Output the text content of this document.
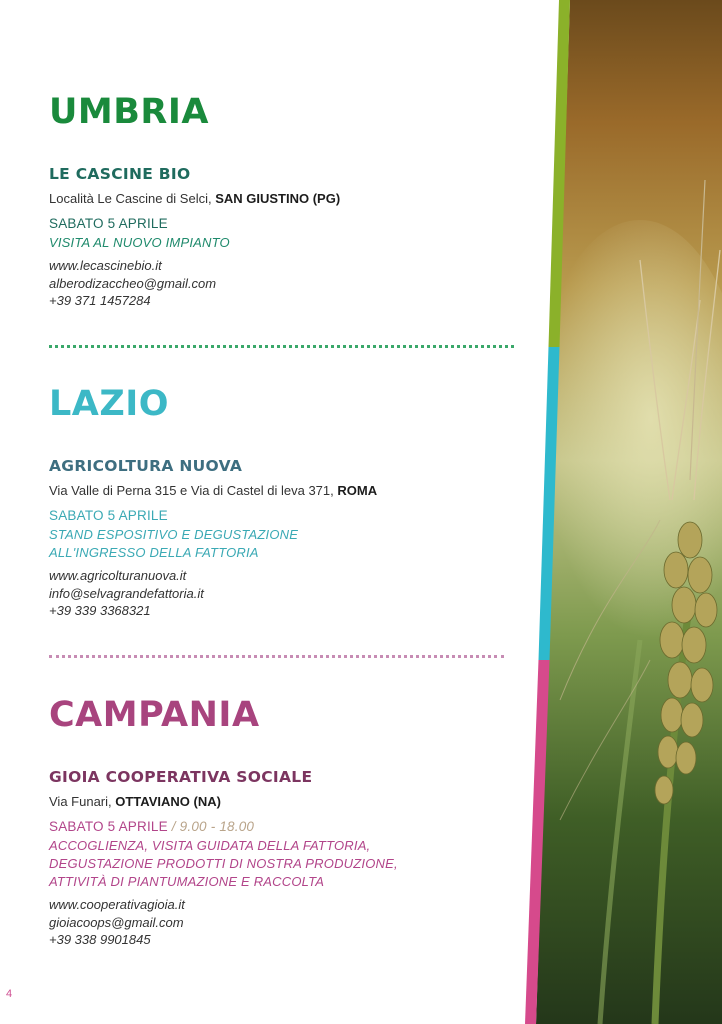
UMBRIA
LE CASCINE BIO
Località Le Cascine di Selci, SAN GIUSTINO (PG)
SABATO 5 APRILE
VISITA AL NUOVO IMPIANTO
www.lecascinebio.it
alberodizaccheo@gmail.com
+39 371 1457284
LAZIO
AGRICOLTURA NUOVA
Via Valle di Perna 315 e Via di Castel di leva 371, ROMA
SABATO 5 APRILE
STAND ESPOSITIVO E DEGUSTAZIONE
ALL'INGRESSO DELLA FATTORIA
www.agricolturanuova.it
info@selvagrandefattoria.it
+39 339 3368321
CAMPANIA
GIOIA COOPERATIVA SOCIALE
Via Funari, OTTAVIANO (NA)
SABATO 5 APRILE / 9.00 - 18.00
ACCOGLIENZA, VISITA GUIDATA DELLA FATTORIA,
DEGUSTAZIONE PRODOTTI DI NOSTRA PRODUZIONE,
ATTIVITÀ DI PIANTUMAZIONE E RACCOLTA
www.cooperativagioia.it
gioiacoops@gmail.com
+39 338 9901845
4
